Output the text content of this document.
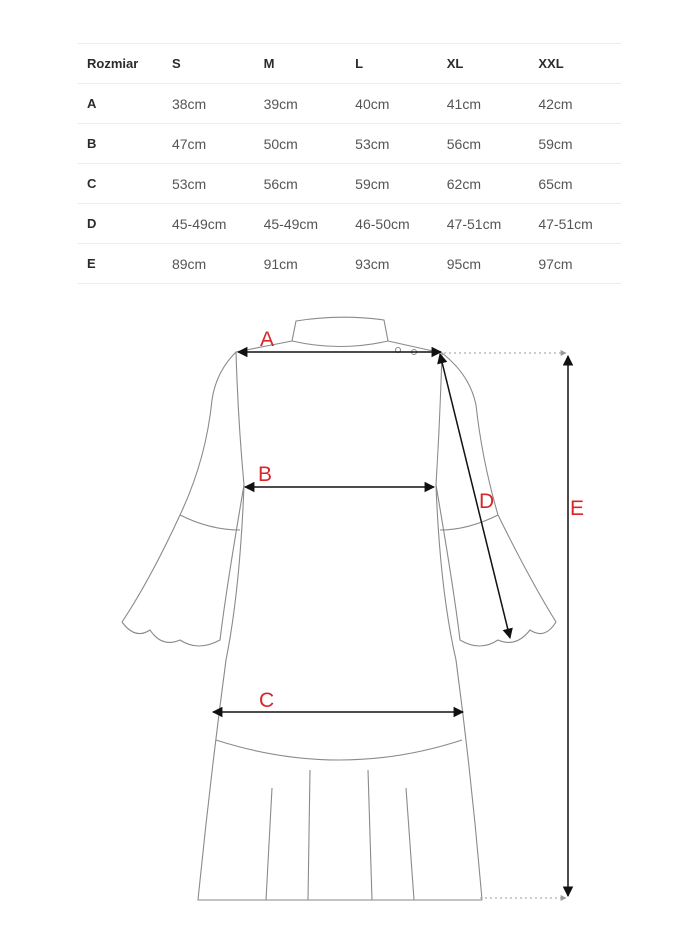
Rozmiar	S	M	L	XL	XXL
A	38cm	39cm	40cm	41cm	42cm
B	47cm	50cm	53cm	56cm	59cm
C	53cm	56cm	59cm	62cm	65cm
D	45-49cm	45-49cm	46-50cm	47-51cm	47-51cm
E	89cm	91cm	93cm	95cm	97cm
A
B
C
D	E
